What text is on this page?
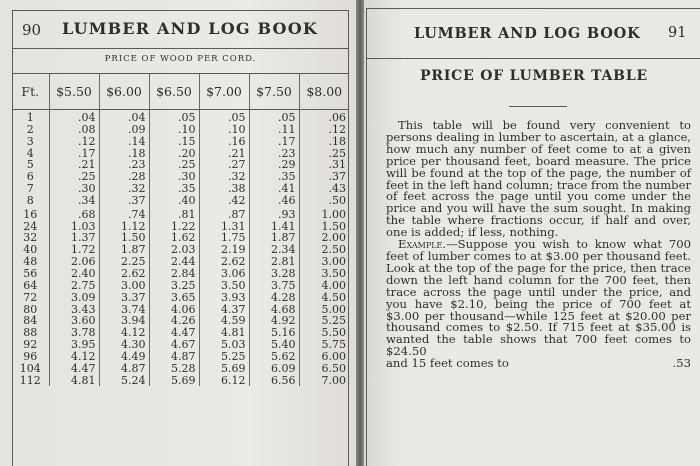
90 LUMBER AND LOG BOOK
PRICE OF WOOD PER CORD.
Ft.	$5.50	$6.00	$6.50	$7.00	$7.50	$8.00
1	.04	.04	.05	.05	.05	.06
2	.08	.09	.10	.10	.11	.12
3	.12	.14	.15	.16	.17	.18
4	.17	.18	.20	.21	.23	.25
5	.21	.23	.25	.27	.29	.31
6	.25	.28	.30	.32	.35	.37
7	.30	.32	.35	.38	.41	.43
8	.34	.37	.40	.42	.46	.50
16	.68	.74	.81	.87	.93	1.00
24	1.03	1.12	1.22	1.31	1.41	1.50
32	1.37	1.50	1.62	1.75	1.87	2.00
40	1.72	1.87	2.03	2.19	2.34	2.50
48	2.06	2.25	2.44	2.62	2.81	3.00
56	2.40	2.62	2.84	3.06	3.28	3.50
64	2.75	3.00	3.25	3.50	3.75	4.00
72	3.09	3.37	3.65	3.93	4.28	4.50
80	3.43	3.74	4.06	4.37	4.68	5.00
84	3.60	3.94	4.26	4.59	4.92	5.25
88	3.78	4.12	4.47	4.81	5.16	5.50
92	3.95	4.30	4.67	5.03	5.40	5.75
96	4.12	4.49	4.87	5.25	5.62	6.00
104	4.47	4.87	5.28	5.69	6.09	6.50
112	4.81	5.24	5.69	6.12	6.56	7.00
LUMBER AND LOG BOOK 91
PRICE OF LUMBER TABLE

This table will be found very convenient to persons dealing in lumber to ascertain, at a glance, how much any number of feet come to at a given price per thousand feet, board measure. The price will be found at the top of the page, the number of feet in the left hand column; trace from the number of feet across the page until you come under the price and you will have the sum sought. In making the table where fractions occur, if half and over, one is added; if less, nothing.

Example.—Suppose you wish to know what 700 feet of lumber comes to at $3.00 per thousand feet. Look at the top of the page for the price, then trace down the left hand column for the 700 feet, then trace across the page until under the price, and you have $2.10, being the price of 700 feet at $3.00 per thousand—while 125 feet at $20.00 per thousand comes to $2.50. If 715 feet at $35.00 is wanted the table shows that 700 feet comes to $24.50

and 15 feet comes to	.53
